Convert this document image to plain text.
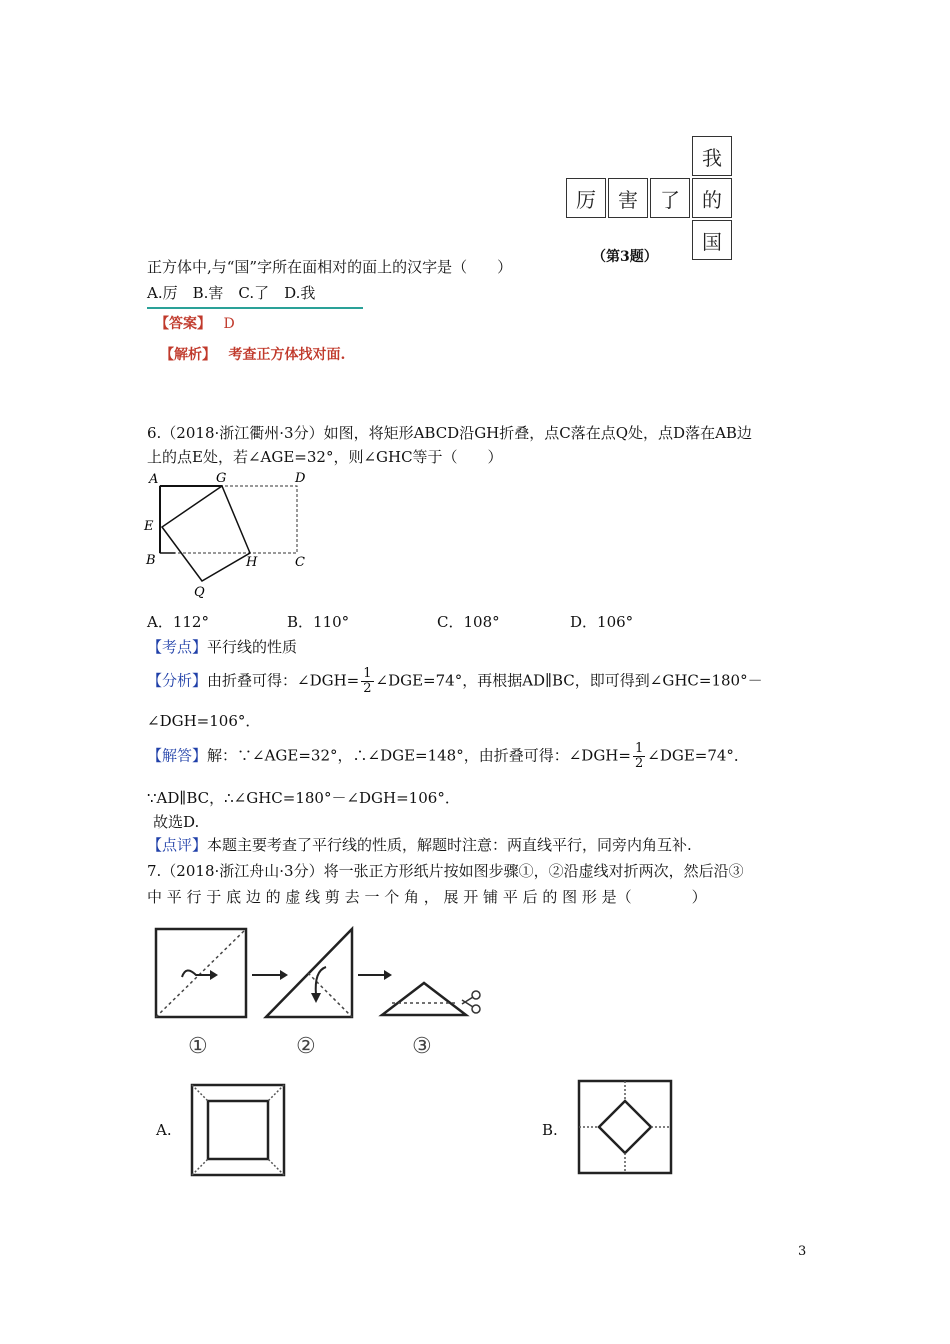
我
厉	害	了	的
国
（第3题）
正方体中,与“国”字所在面相对的面上的汉字是（　　）
A.厉　B.害　C.了　D.我
【答案】 D
【解析】 考查正方体找对面.
6.（2018·浙江衢州·3分）如图，将矩形ABCD沿GH折叠，点C落在点Q处，点D落在AB边
上的点E处，若∠AGE=32°，则∠GHC等于（　　）
A	G	D
E
B	H	C
Q
A．112°	B．110°	C．108°	D．106°
【考点】平行线的性质
【分析】由折叠可得：∠DGH= $\frac{1}{2}$ ∠DGE=74°，再根据AD∥BC，即可得到∠GHC=180°－
∠DGH=106°．
【解答】解：∵∠AGE=32°，∴∠DGE=148°，由折叠可得：∠DGH= $\frac{1}{2}$ ∠DGE=74°．
∵AD∥BC，∴∠GHC=180°－∠DGH=106°．
故选D.
【点评】本题主要考查了平行线的性质，解题时注意：两直线平行，同旁内角互补.
7.（2018·浙江舟山·3分）将一张正方形纸片按如图步骤①，②沿虚线对折两次，然后沿③
中 平 行 于 底 边 的 虚 线 剪 去 一 个 角 ， 展 开 铺 平 后 的 图 形 是（　　　　）
①	②	③
A.	B.
3
